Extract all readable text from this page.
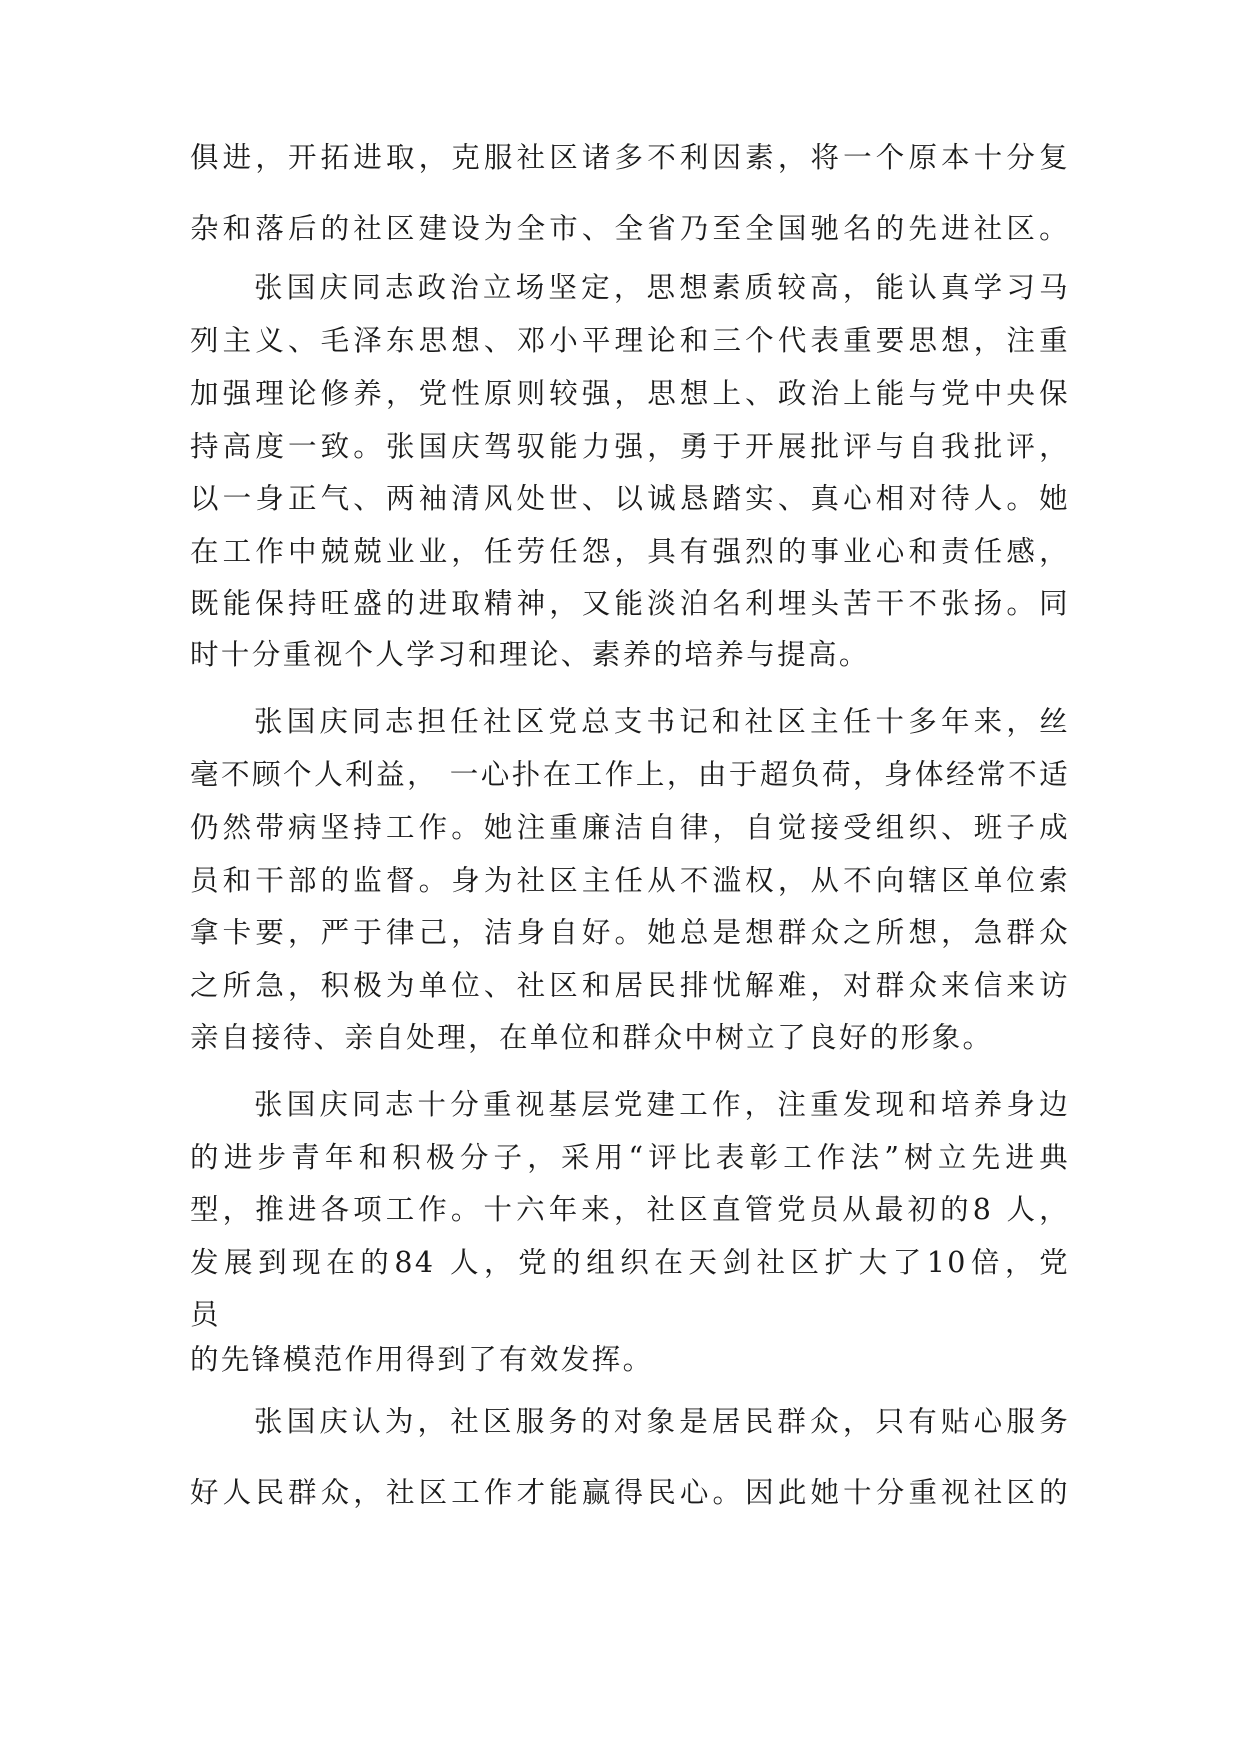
俱进，开拓进取，克服社区诸多不利因素，将一个原本十分复
杂和落后的社区建设为全市、全省乃至全国驰名的先进社区。
张国庆同志政治立场坚定，思想素质较高，能认真学习马
列主义、毛泽东思想、邓小平理论和三个代表重要思想，注重
加强理论修养，党性原则较强，思想上、政治上能与党中央保
持高度一致。张国庆驾驭能力强，勇于开展批评与自我批评，
以一身正气、两袖清风处世、以诚恳踏实、真心相对待人。她
在工作中兢兢业业，任劳任怨，具有强烈的事业心和责任感，
既能保持旺盛的进取精神，又能淡泊名利埋头苦干不张扬。同
时十分重视个人学习和理论、素养的培养与提高。
张国庆同志担任社区党总支书记和社区主任十多年来，丝
毫不顾个人利益， 一心扑在工作上，由于超负荷，身体经常不适
仍然带病坚持工作。她注重廉洁自律，自觉接受组织、班子成
员和干部的监督。身为社区主任从不滥权，从不向辖区单位索
拿卡要，严于律己，洁身自好。她总是想群众之所想，急群众
之所急，积极为单位、社区和居民排忧解难，对群众来信来访
亲自接待、亲自处理，在单位和群众中树立了良好的形象。
张国庆同志十分重视基层党建工作，注重发现和培养身边
的进步青年和积极分子，采用“评比表彰工作法”树立先进典
型，推进各项工作。十六年来，社区直管党员从最初的8 人，
发展到现在的84 人，党的组织在天剑社区扩大了10倍，党
员
的先锋模范作用得到了有效发挥。
张国庆认为，社区服务的对象是居民群众，只有贴心服务
好人民群众，社区工作才能赢得民心。因此她十分重视社区的
